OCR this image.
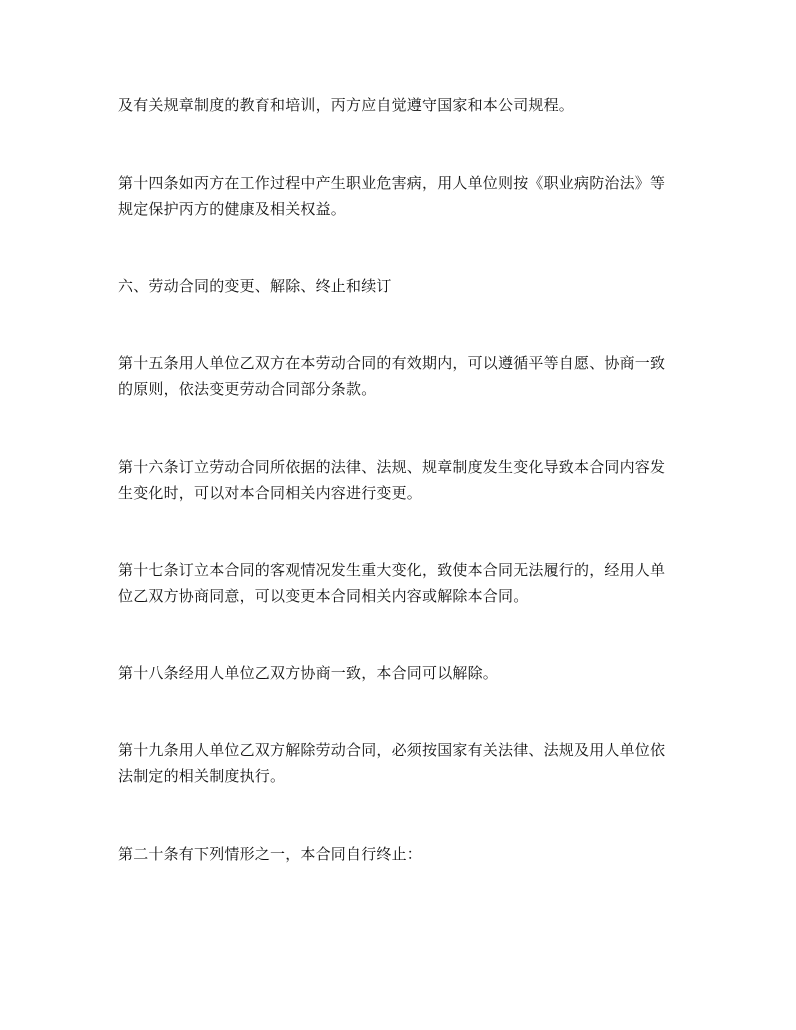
及有关规章制度的教育和培训，丙方应自觉遵守国家和本公司规程。

第十四条如丙方在工作过程中产生职业危害病，用人单位则按《职业病防治法》等
规定保护丙方的健康及相关权益。

六、劳动合同的变更、解除、终止和续订

第十五条用人单位乙双方在本劳动合同的有效期内，可以遵循平等自愿、协商一致
的原则，依法变更劳动合同部分条款。

第十六条订立劳动合同所依据的法律、法规、规章制度发生变化导致本合同内容发
生变化时，可以对本合同相关内容进行变更。

第十七条订立本合同的客观情况发生重大变化，致使本合同无法履行的，经用人单
位乙双方协商同意，可以变更本合同相关内容或解除本合同。

第十八条经用人单位乙双方协商一致，本合同可以解除。

第十九条用人单位乙双方解除劳动合同，必须按国家有关法律、法规及用人单位依
法制定的相关制度执行。

第二十条有下列情形之一，本合同自行终止：
